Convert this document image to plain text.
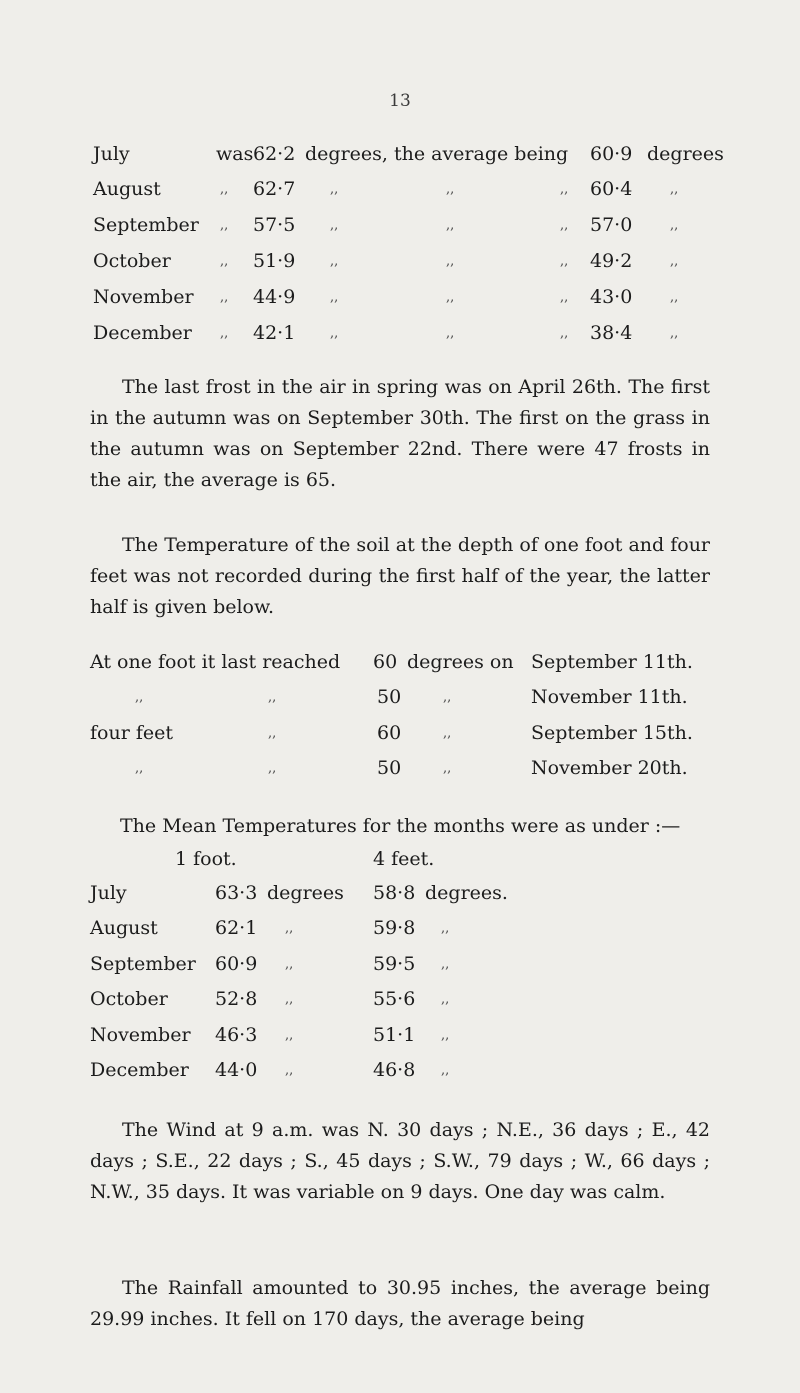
13
July	was 62·2 degrees, the average being 60·9 degrees
August	,, 62·7	,,	,,	,, 60·4	,,
September ,, 57·5	,,	,,	,, 57·0	,,
October	,, 51·9	,,	,,	,, 49·2	,,
November ,, 44·9	,,	,,	,, 43·0	,,
December ,, 42·1	,,	,,	,, 38·4	,,

The last frost in the air in spring was on April 26th. The first in the autumn was on September 30th. The first on the grass in the autumn was on September 22nd. There were 47 frosts in the air, the average is 65.

The Temperature of the soil at the depth of one foot and four feet was not recorded during the first half of the year, the latter half is given below.

At one foot it last reached 60 degrees on September 11th.
,,	,,	50	,,	November 11th.
four feet	,,	60	,,	September 15th.
,,	,,	50	,,	November 20th.
The Mean Temperatures for the months were as under :—
1 foot.	4 feet.
July	63·3 degrees 58·8 degrees.
August	62·1 ,,	59·8 ,,
September 60·9 ,,	59·5 ,,
October 52·8 ,,	55·6 ,,
November 46·3 ,,	51·1 ,,
December 44·0 ,,	46·8 ,,

The Wind at 9 a.m. was N. 30 days ; N.E., 36 days ; E., 42 days ; S.E., 22 days ; S., 45 days ; S.W., 79 days ; W., 66 days ; N.W., 35 days. It was variable on 9 days. One day was calm.

The Rainfall amounted to 30.95 inches, the average being 29.99 inches. It fell on 170 days, the average being
